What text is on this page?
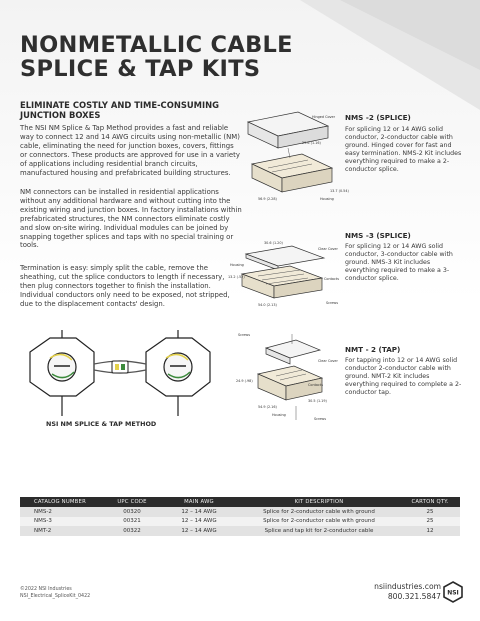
NONMETALLIC CABLE
SPLICE & TAP KITS
ELIMINATE COSTLY AND TIME-CONSUMING
JUNCTION BOXES

The NSI NM Splice & Tap Method provides a fast and reliable way to connect 12 and 14 AWG circuits using non-metallic (NM) cable, eliminating the need for junction boxes, covers, fittings or connectors. These products are approved for use in a variety of applications including residential branch circuits, manufactured housing and prefabricated building structures.

NM connectors can be installed in residential applications without any additional hardware and without cutting into the existing wiring and junction boxes. In factory installations within prefabricated structures, the NM connectors eliminate costly and slow on-site wiring. Individual modules can be joined by snapping together splices and taps with no special training or tools.

Termination is easy: simply split the cable, remove the sheathing, cut the splice conductors to length if necessary, then plug connectors together to finish the installation. Individual conductors only need to be exposed, not stripped, due to the displacement contacts' design.

NSI NM SPLICE & TAP METHOD
Hinged Cover
Housing
29.6 (1.16)
56.9 (2.28)
13.7 (0.54)
NMS -2 (SPLICE)
For splicing 12 or 14 AWG solid conductor, 2-conductor cable with ground. Hinged cover for fast and easy termination. NMS-2 Kit includes everything required to make a 2-conductor splice.
Clear Cover
Housing
Contacts
Screws
30.6 (1.20)
13.2 (.52)
54.0 (2.13)
NMS -3 (SPLICE)
For splicing 12 or 14 AWG solid conductor, 3-conductor cable with ground. NMS-3 Kit includes everything required to make a 3-conductor splice.
Screws
Clear Cover
Contacts
Housing
Screws
24.9 (.98)
30.5 (1.19)
54.9 (2.16)
NMT - 2 (TAP)
For tapping into 12 or 14 AWG solid conductor 2-conductor cable with ground. NMT-2 Kit includes everything required to complete a 2-conductor tap.
CATALOG NUMBER	UPC CODE	MAIN AWG	KIT DESCRIPTION	CARTON QTY.
NMS-2	00320	12 – 14 AWG	Splice for 2-conductor cable with ground	25
NMS-3	00321	12 – 14 AWG	Splice for 2-conductor cable with ground	25
NMT-2	00322	12 – 14 AWG	Splice and tap kit for 2-conductor cable	12
©2022 NSI Industries
NSI_Electrical_SpliceKit_0422
nsiindustries.com
800.321.5847 NSI
